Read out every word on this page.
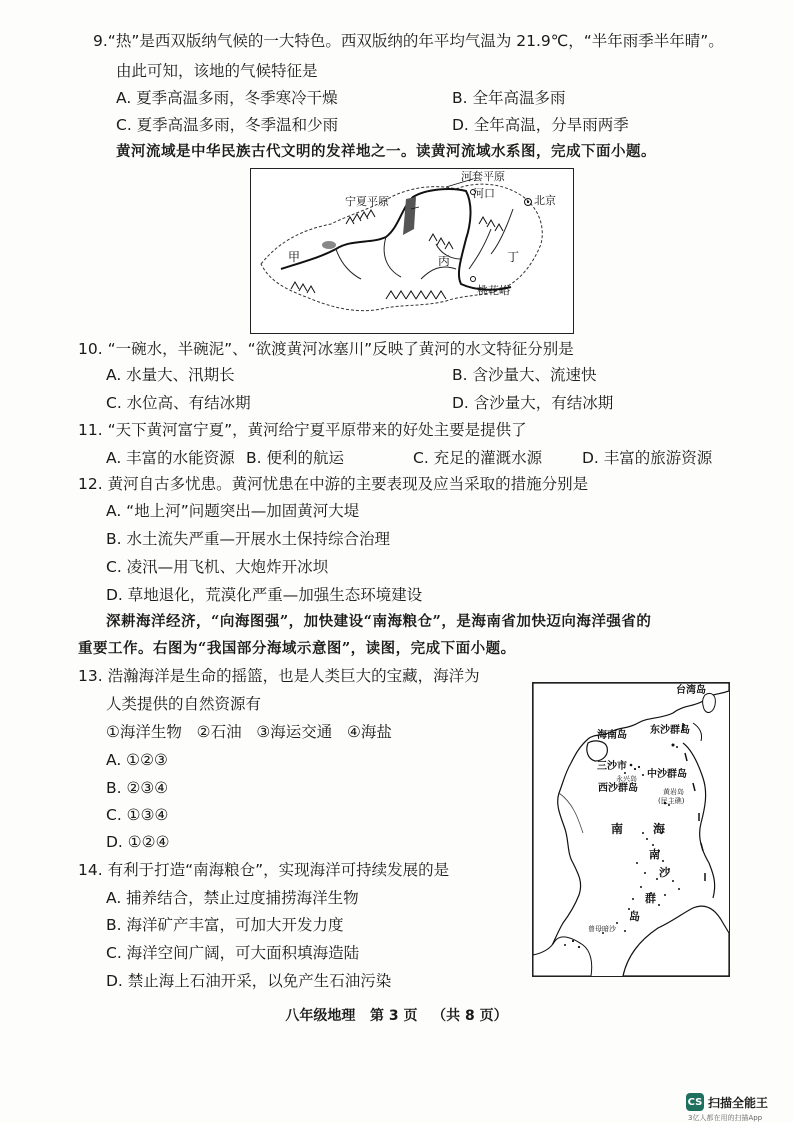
9.“热”是西双版纳气候的一大特色。西双版纳的年平均气温为 21.9℃，“半年雨季半年晴”。
由此可知，该地的气候特征是
A. 夏季高温多雨，冬季寒冷干燥	B. 全年高温多雨
C. 夏季高温多雨，冬季温和少雨	D. 全年高温，分旱雨两季
黄河流域是中华民族古代文明的发祥地之一。读黄河流域水系图，完成下面小题。
河套平原
河口
宁夏平原	北京
甲	丙	丁
桃花峪
10. “一碗水，半碗泥”、“欲渡黄河冰塞川”反映了黄河的水文特征分别是
A. 水量大、汛期长	B. 含沙量大、流速快
C. 水位高、有结冰期	D. 含沙量大，有结冰期
11. “天下黄河富宁夏”，黄河给宁夏平原带来的好处主要是提供了
A. 丰富的水能资源 B. 便利的航运	C. 充足的灌溉水源	D. 丰富的旅游资源
12. 黄河自古多忧患。黄河忧患在中游的主要表现及应当采取的措施分别是
A. “地上河”问题突出—加固黄河大堤
B. 水土流失严重—开展水土保持综合治理
C. 凌汛—用飞机、大炮炸开冰坝
D. 草地退化，荒漠化严重—加强生态环境建设
深耕海洋经济，“向海图强”，加快建设“南海粮仓”，是海南省加快迈向海洋强省的
重要工作。右图为“我国部分海域示意图”，读图，完成下面小题。
13. 浩瀚海洋是生命的摇篮，也是人类巨大的宝藏，海洋为
人类提供的自然资源有
①海洋生物   ②石油   ③海运交通   ④海盐
A. ①②③
B. ②③④
C. ①③④
D. ①②④
14. 有利于打造“南海粮仓”，实现海洋可持续发展的是
A. 捕养结合，禁止过度捕捞海洋生物
B. 海洋矿产丰富，可加大开发力度
C. 海洋空间广阔，可大面积填海造陆
D. 禁止海上石油开采，以免产生石油污染
台湾岛
海南岛 东沙群岛
三沙市
永兴岛 中沙群岛
西沙群岛	黄岩岛
(民主礁)
南 海
南
沙
群
岛
曾母暗沙
八年级地理   第 3 页   （共 8 页）
CS 扫描全能王
3亿人都在用的扫描App
